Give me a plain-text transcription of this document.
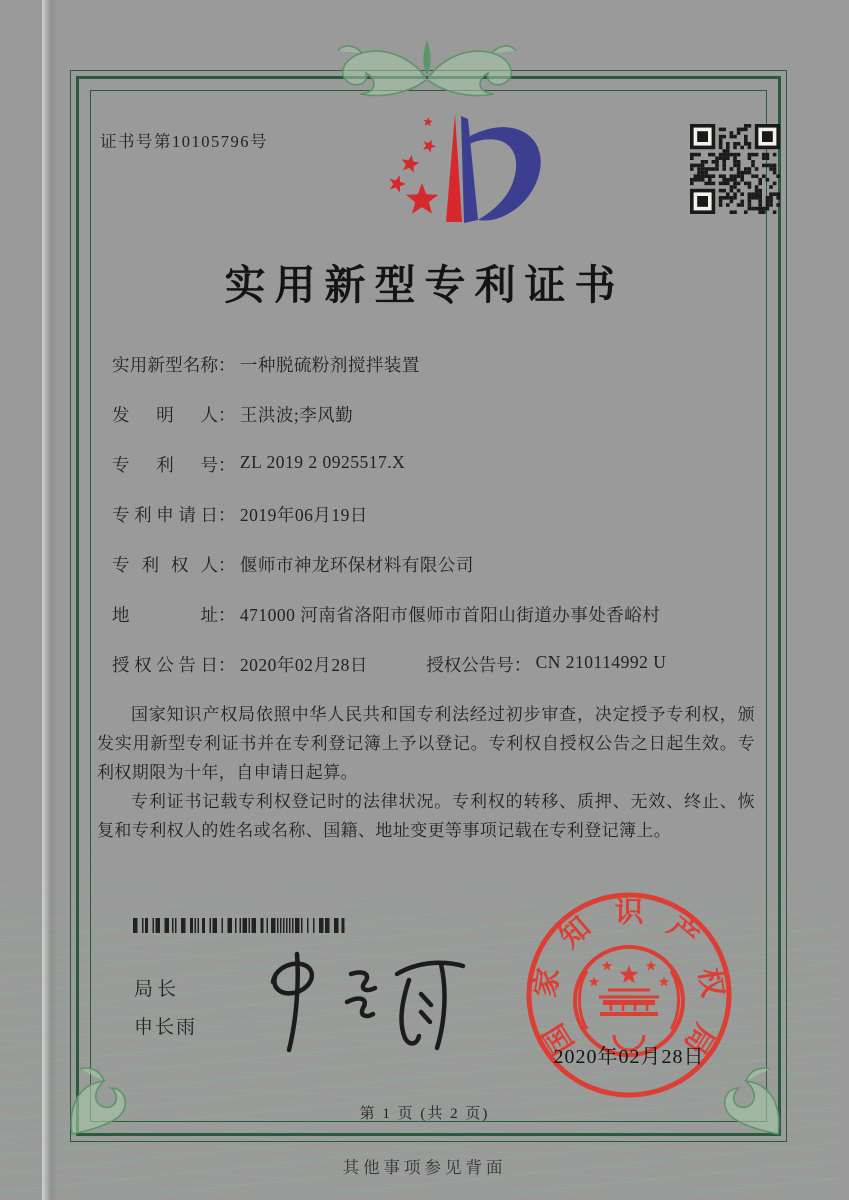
证书号第10105796号
实用新型专利证书
实用新型名称： 一种脱硫粉剂搅拌装置
发明人： 王洪波;李风勤
专利号： ZL 2019 2 0925517.X
专利申请日： 2019年06月19日
专利权人： 偃师市神龙环保材料有限公司
地址： 471000 河南省洛阳市偃师市首阳山街道办事处香峪村
授权公告日： 2020年02月28日	授权公告号： CN 210114992 U

国家知识产权局依照中华人民共和国专利法经过初步审查，决定授予专利权，颁发实用新型专利证书并在专利登记簿上予以登记。专利权自授权公告之日起生效。专利权期限为十年，自申请日起算。

专利证书记载专利权登记时的法律状况。专利权的转移、质押、无效、终止、恢复和专利权人的姓名或名称、国籍、地址变更等事项记载在专利登记簿上。

局长
申长雨	国
家
知 识 产
权
局
2020年02月28日
第 1 页 (共 2 页)
其他事项参见背面
